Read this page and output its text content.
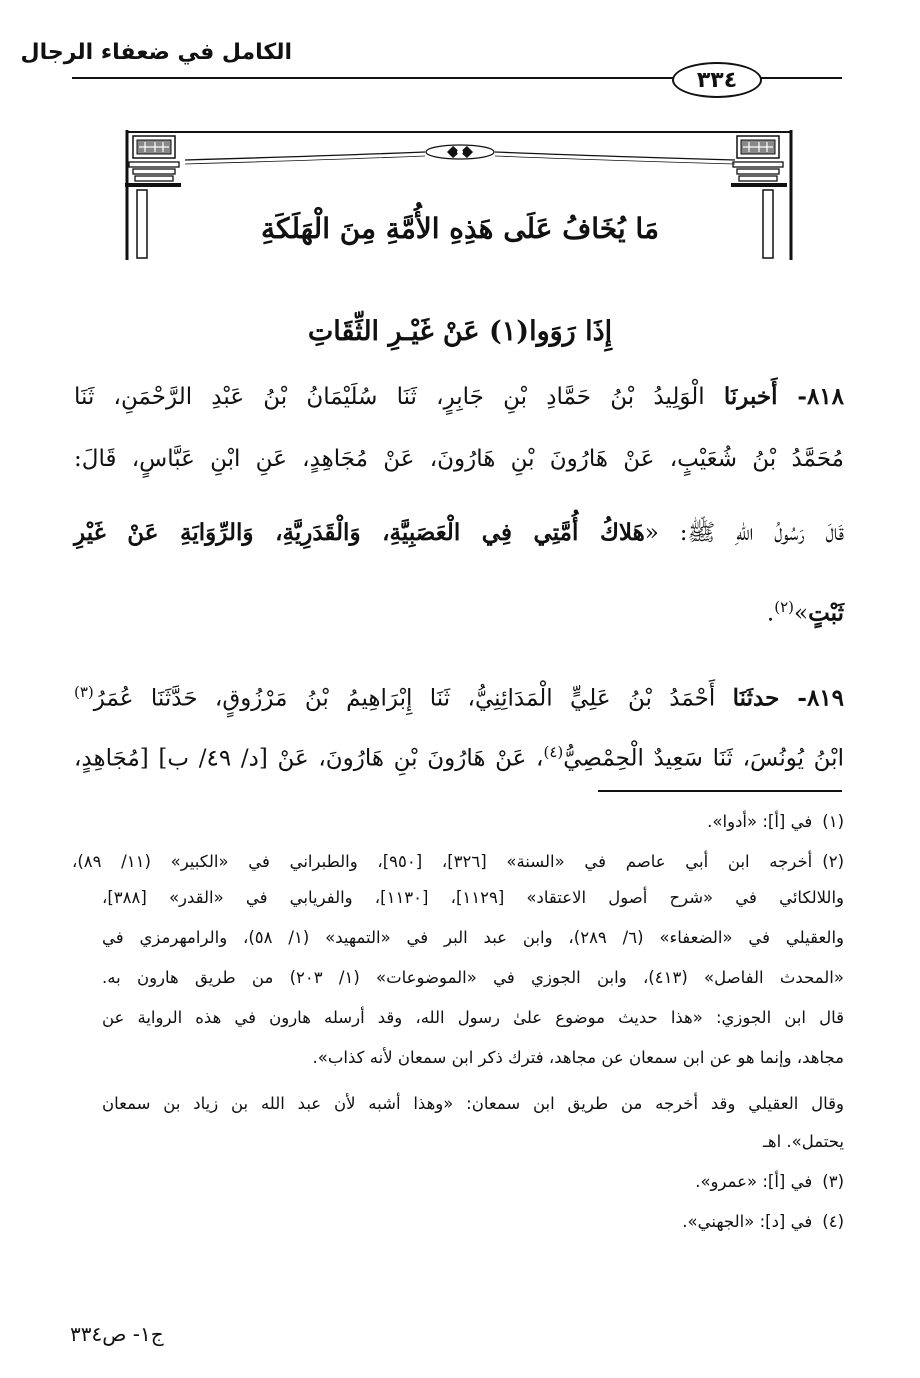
الكامل في ضعفاء الرجال
٣٣٤
مَا يُخَافُ عَلَى هَذِهِ الأُمَّةِ مِنَ الْهَلَكَةِ
إِذَا رَوَوا(١) عَنْ غَيْـرِ الثِّقَاتِ
٨١٨- أَخبرنَا الْوَلِيدُ بْنُ حَمَّادِ بْنِ جَابِرٍ، ثَنَا سُلَيْمَانُ بْنُ عَبْدِ الرَّحْمَنِ، ثَنَا
مُحَمَّدُ بْنُ شُعَيْبٍ، عَنْ هَارُونَ بْنِ هَارُونَ، عَنْ مُجَاهِدٍ، عَنِ ابْنِ عَبَّاسٍ، قَالَ:
قَالَ رَسُولُ اللهِ ﷺ: «هَلاكُ أُمَّتِي فِي الْعَصَبِيَّةِ، وَالْقَدَرِيَّةِ، وَالرِّوَايَةِ عَنْ غَيْرِ
ثَبْتٍ»$^{(٢)}$.
٨١٩- حدثَنَا أَحْمَدُ بْنُ عَلِيٍّ الْمَدَائِنِيُّ، ثَنَا إِبْرَاهِيمُ بْنُ مَرْزُوقٍ، حَدَّثَنَا عُمَرُ$^{(٣)}$
ابْنُ يُونُسَ، ثَنَا سَعِيدٌ الْحِمْصِيُّ$^{(٤)}$، عَنْ هَارُونَ بْنِ هَارُونَ، عَنْ [د/ ٤٩/ ب] [مُجَاهِدٍ،
(١)في [أ]: «أدوا».
(٢)أخرجه ابن أبي عاصم في «السنة» [٣٢٦]، [٩٥٠]، والطبراني في «الكبير» (١١/ ٨٩)،
واللالكائي في «شرح أصول الاعتقاد» [١١٢٩]، [١١٣٠]، والفريابي في «القدر» [٣٨٨]،
والعقيلي في «الضعفاء» (٦/ ٢٨٩)، وابن عبد البر في «التمهيد» (١/ ٥٨)، والرامهرمزي في
«المحدث الفاصل» (٤١٣)، وابن الجوزي في «الموضوعات» (١/ ٢٠٣) من طريق هارون به.
قال ابن الجوزي: «هذا حديث موضوع علىٰ رسول الله، وقد أرسله هارون في هذه الرواية عن
مجاهد، وإنما هو عن ابن سمعان عن مجاهد، فترك ذكر ابن سمعان لأنه كذاب».
وقال العقيلي وقد أخرجه من طريق ابن سمعان: «وهذا أشبه لأن عبد الله بن زياد بن سمعان
يحتمل». اهـ
(٣)في [أ]: «عمرو».
(٤)في [د]: «الجهني».
ج١- ص٣٣٤
